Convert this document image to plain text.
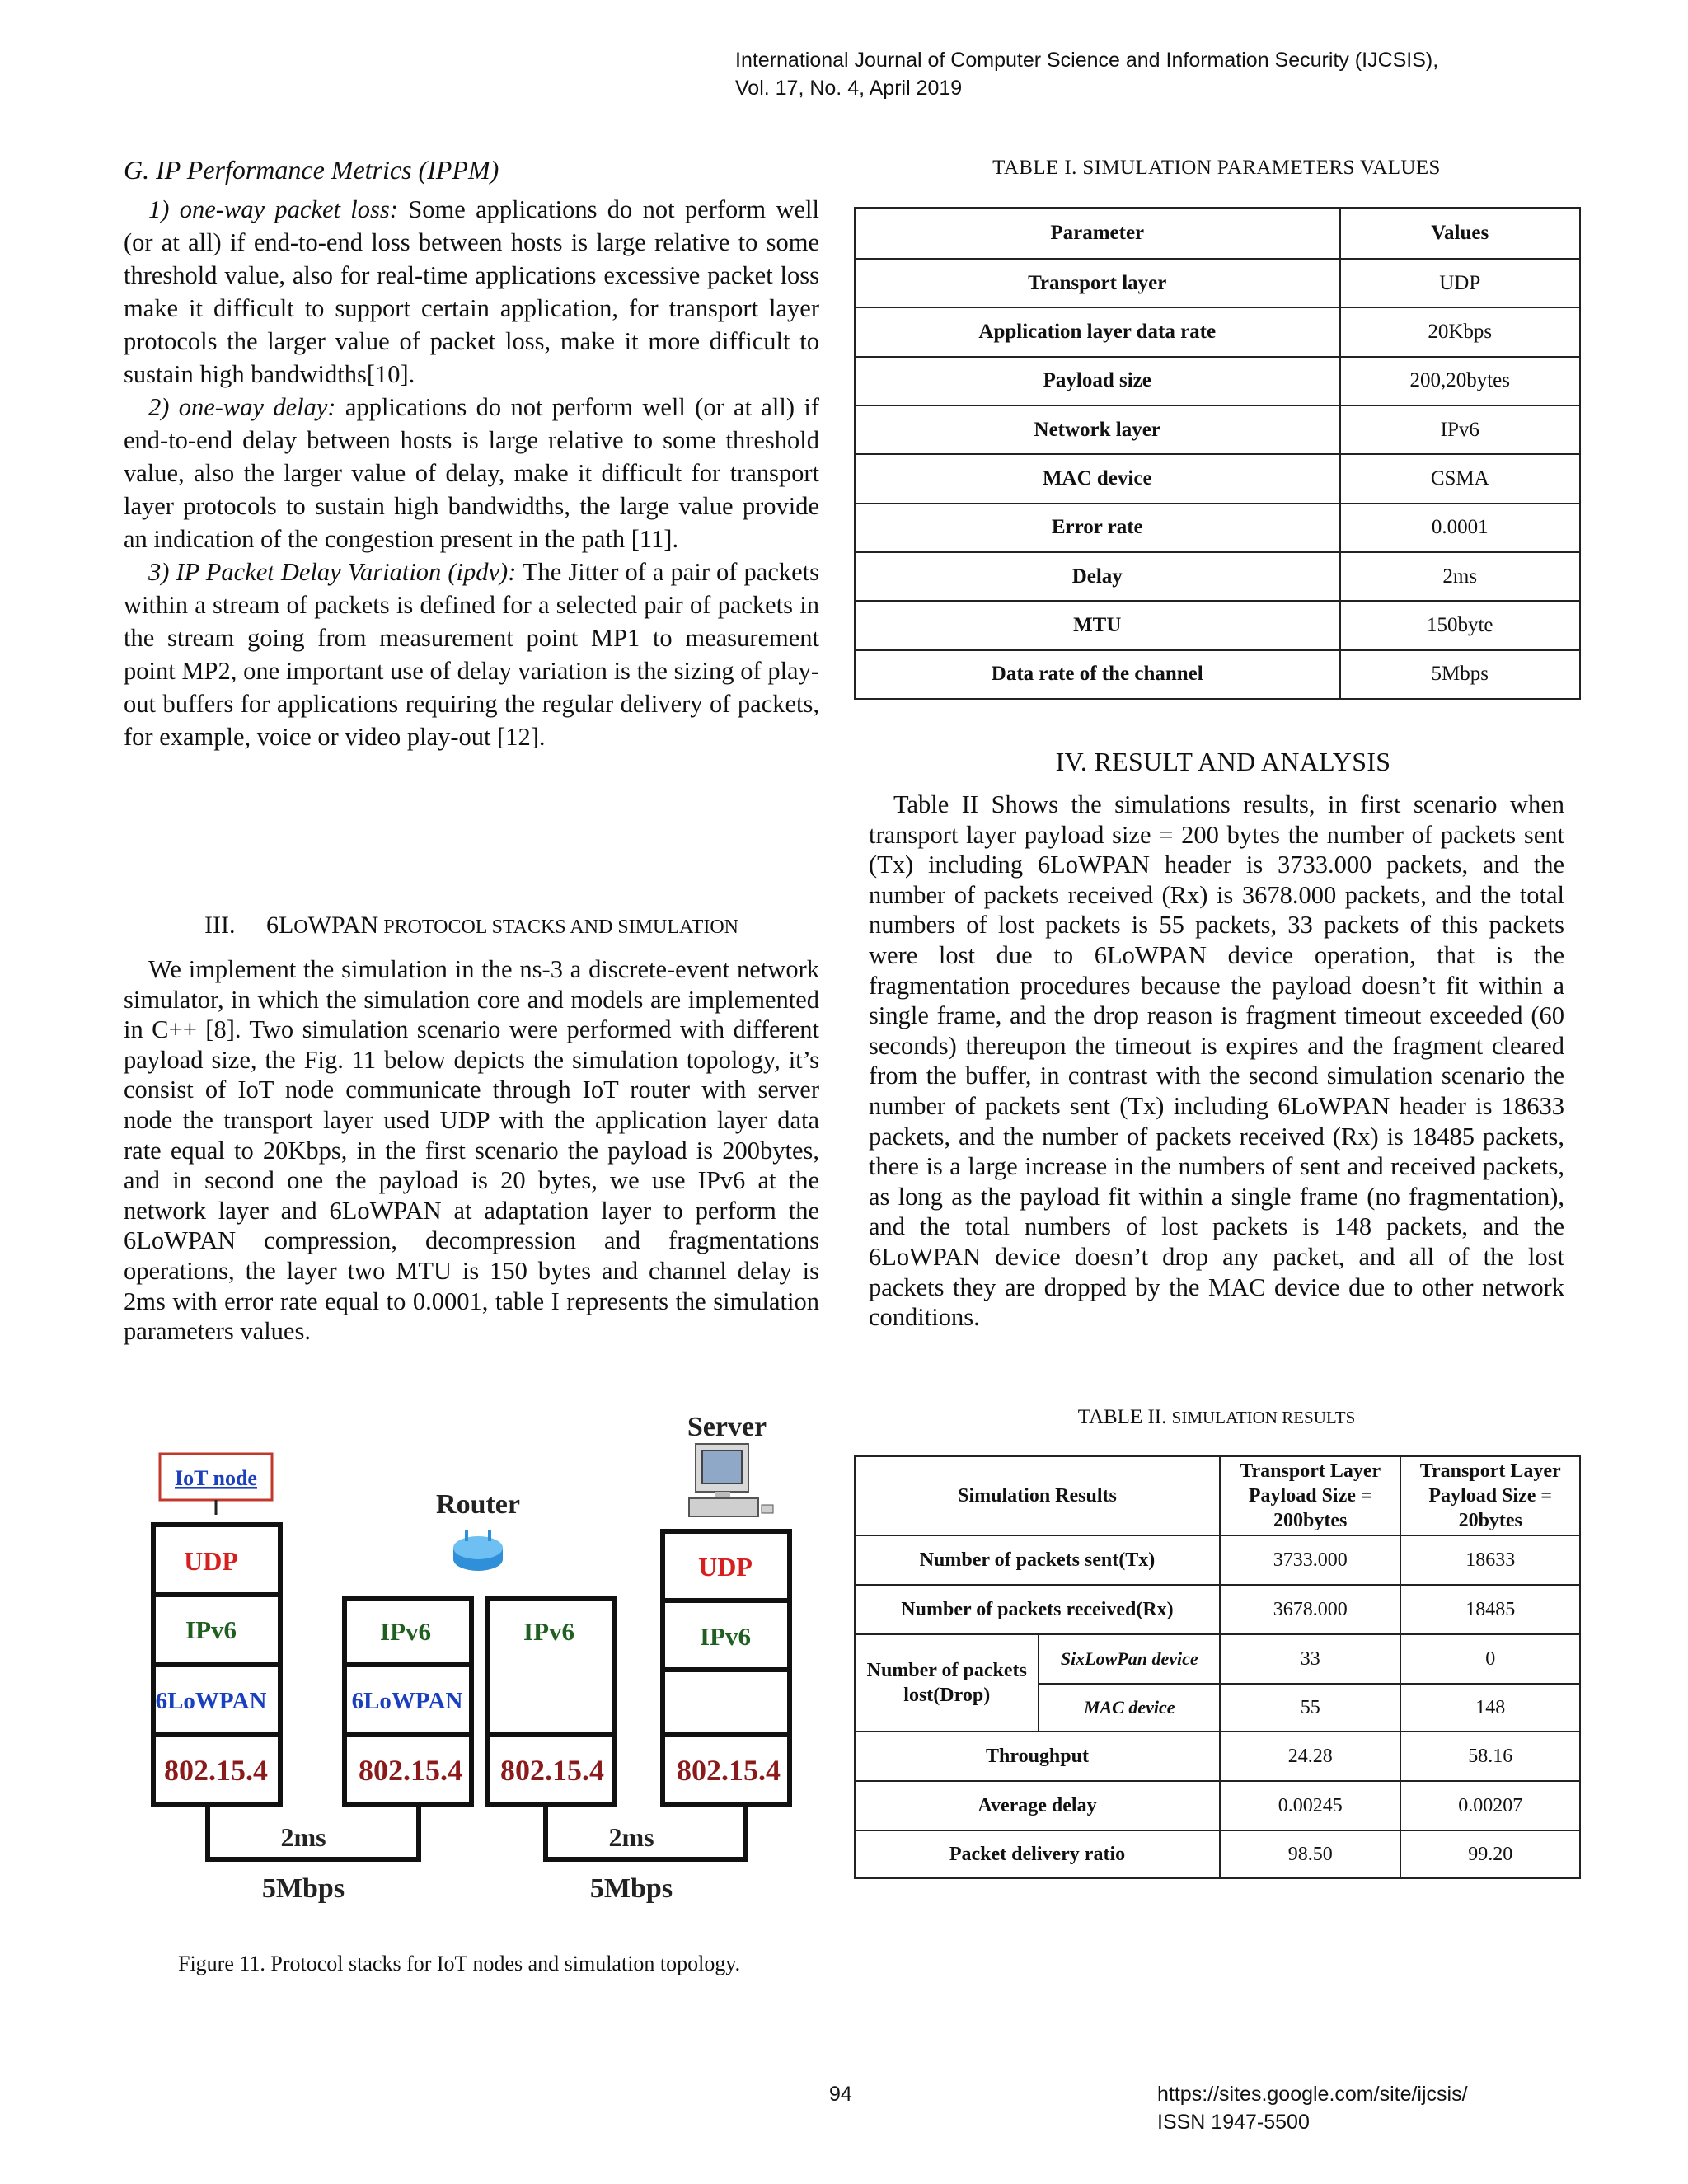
International Journal of Computer Science and Information Security (IJCSIS),
Vol. 17, No. 4, April 2019

G. IP Performance Metrics (IPPM)

1) one-way packet loss: Some applications do not perform well (or at all) if end-to-end loss between hosts is large relative to some threshold value, also for real-time applications excessive packet loss make it difficult to support certain application, for transport layer protocols the larger value of packet loss, make it more difficult to sustain high bandwidths[10].

2) one-way delay: applications do not perform well (or at all) if end-to-end delay between hosts is large relative to some threshold value, also the larger value of delay, make it difficult for transport layer protocols to sustain high bandwidths, the large value provide an indication of the congestion present in the path [11].

3) IP Packet Delay Variation (ipdv): The Jitter of a pair of packets within a stream of packets is defined for a selected pair of packets in the stream going from measurement point MP1 to measurement point MP2, one important use of delay variation is the sizing of play-out buffers for applications requiring the regular delivery of packets, for example, voice or video play-out [12].

III. 6LOWPAN PROTOCOL STACKS AND SIMULATION

We implement the simulation in the ns-3 a discrete-event network simulator, in which the simulation core and models are implemented in C++ [8]. Two simulation scenario were performed with different payload size, the Fig. 11 below depicts the simulation topology, it’s consist of IoT node communicate through IoT router with server node the transport layer used UDP with the application layer data rate equal to 20Kbps, in the first scenario the payload is 200bytes, and in second one the payload is 20 bytes, we use IPv6 at the network layer and 6LoWPAN at adaptation layer to perform the 6LoWPAN compression, decompression and fragmentations operations, the layer two MTU is 150 bytes and channel delay is 2ms with error rate equal to 0.0001, table I represents the simulation parameters values.

IoT node
Router
Server
UDP
IPv6
6LoWPAN
802.15.4
IPv6
6LoWPAN
802.15.4
IPv6
802.15.4
UDP
IPv6
802.15.4
2ms
5Mbps
2ms
5Mbps
Figure 11. Protocol stacks for IoT nodes and simulation topology.
TABLE I. SIMULATION PARAMETERS VALUES
Parameter	Values
Transport layer	UDP
Application layer data rate	20Kbps
Payload size	200,20bytes
Network layer	IPv6
MAC device	CSMA
Error rate	0.0001
Delay	2ms
MTU	150byte
Data rate of the channel	5Mbps
IV. RESULT AND ANALYSIS

Table II Shows the simulations results, in first scenario when transport layer payload size = 200 bytes the number of packets sent (Tx) including 6LoWPAN header is 3733.000 packets, and the number of packets received (Rx) is 3678.000 packets, and the total numbers of lost packets is 55 packets, 33 packets of this packets were lost due to 6LoWPAN device operation, that is the fragmentation procedures because the payload doesn’t fit within a single frame, and the drop reason is fragment timeout exceeded (60 seconds) thereupon the timeout is expires and the fragment cleared from the buffer, in contrast with the second simulation scenario the number of packets sent (Tx) including 6LoWPAN header is 18633 packets, and the number of packets received (Rx) is 18485 packets, there is a large increase in the numbers of sent and received packets, as long as the payload fit within a single frame (no fragmentation), and the total numbers of lost packets is 148 packets, and the 6LoWPAN device doesn’t drop any packet, and all of the lost packets they are dropped by the MAC device due to other network conditions.

TABLE II. SIMULATION RESULTS
Simulation Results		Transport Layer Payload Size = 200bytes	Transport Layer Payload Size = 20bytes
Number of packets sent(Tx)		3733.000	18633
Number of packets received(Rx)		3678.000	18485
Number of packets lost(Drop)	SixLowPan device	33	0
	MAC device	55	148
Throughput		24.28	58.16
Average delay		0.00245	0.00207
Packet delivery ratio		98.50	99.20
94	https://sites.google.com/site/ijcsis/
ISSN 1947-5500
